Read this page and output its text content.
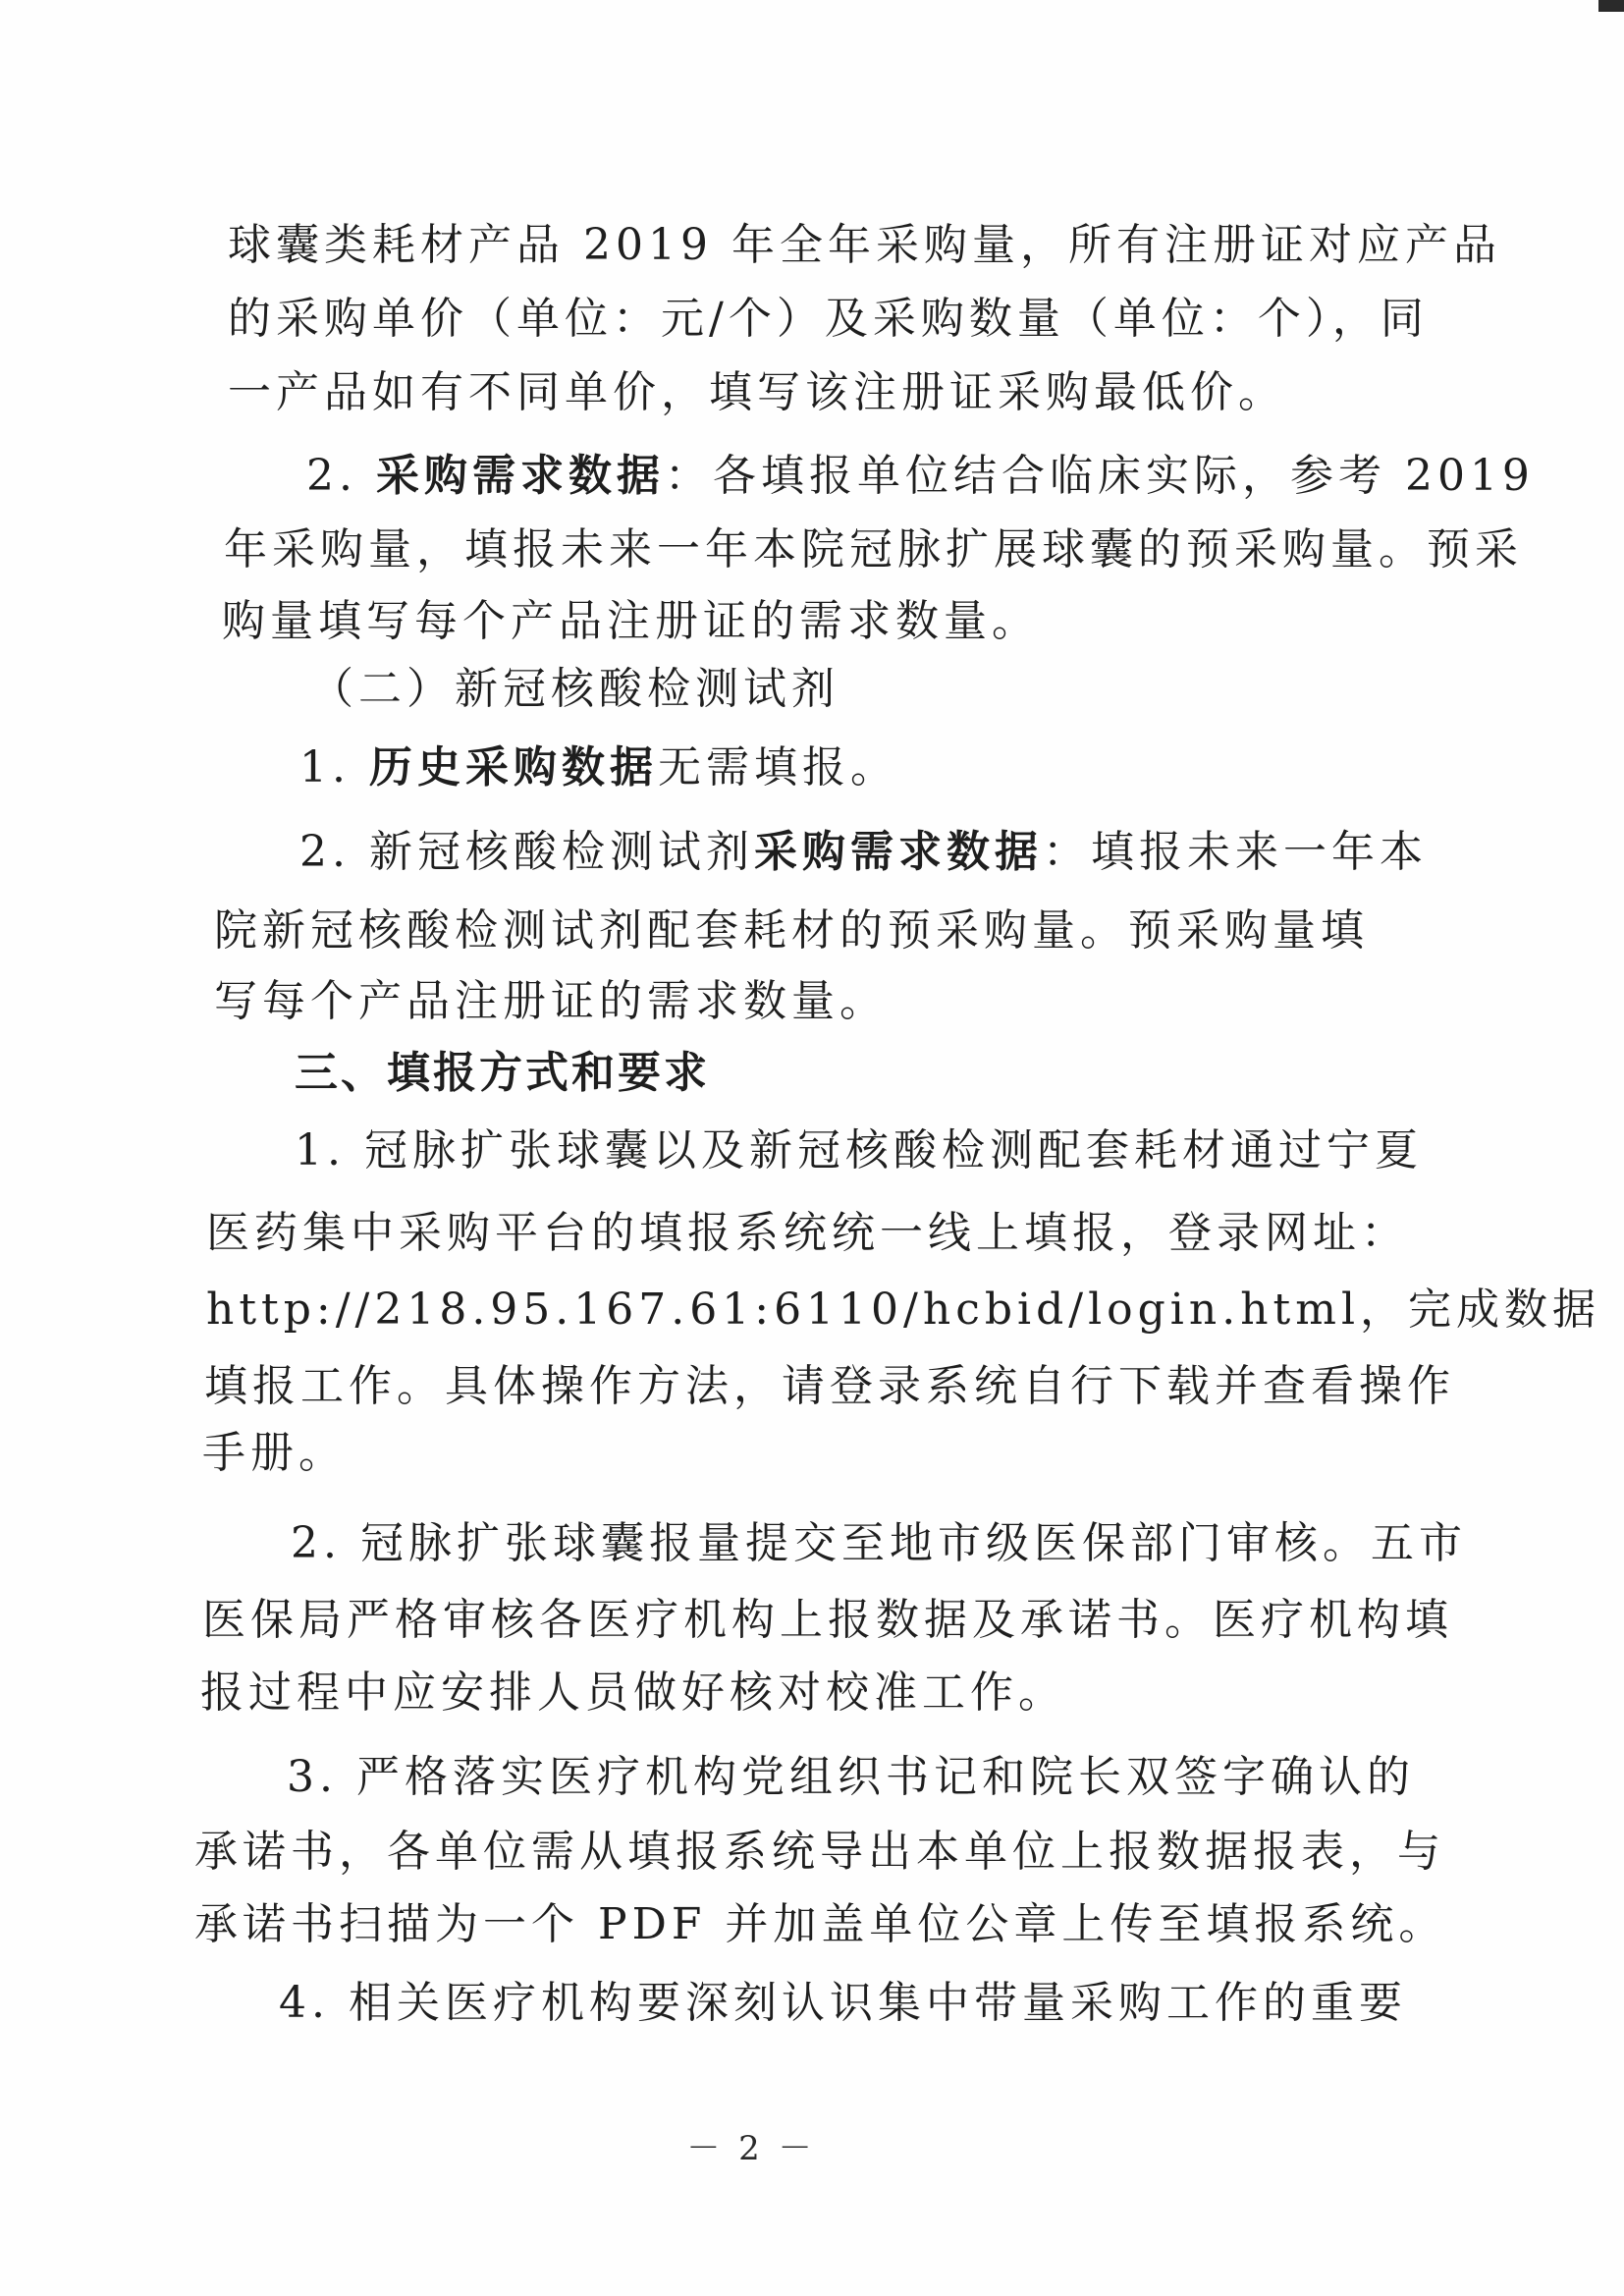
球囊类耗材产品 2019 年全年采购量，所有注册证对应产品
的采购单价（单位：元/个）及采购数量（单位：个），同
一产品如有不同单价，填写该注册证采购最低价。
2. 采购需求数据：各填报单位结合临床实际，参考 2019
年采购量，填报未来一年本院冠脉扩展球囊的预采购量。预采
购量填写每个产品注册证的需求数量。
（二）新冠核酸检测试剂
1. 历史采购数据无需填报。
2. 新冠核酸检测试剂采购需求数据：填报未来一年本
院新冠核酸检测试剂配套耗材的预采购量。预采购量填
写每个产品注册证的需求数量。
三、填报方式和要求
1. 冠脉扩张球囊以及新冠核酸检测配套耗材通过宁夏
医药集中采购平台的填报系统统一线上填报，登录网址：
http://218.95.167.61:6110/hcbid/login.html，完成数据
填报工作。具体操作方法，请登录系统自行下载并查看操作
手册。
2. 冠脉扩张球囊报量提交至地市级医保部门审核。五市
医保局严格审核各医疗机构上报数据及承诺书。医疗机构填
报过程中应安排人员做好核对校准工作。
3. 严格落实医疗机构党组织书记和院长双签字确认的
承诺书，各单位需从填报系统导出本单位上报数据报表，与
承诺书扫描为一个 PDF 并加盖单位公章上传至填报系统。
4. 相关医疗机构要深刻认识集中带量采购工作的重要
－ 2 －
